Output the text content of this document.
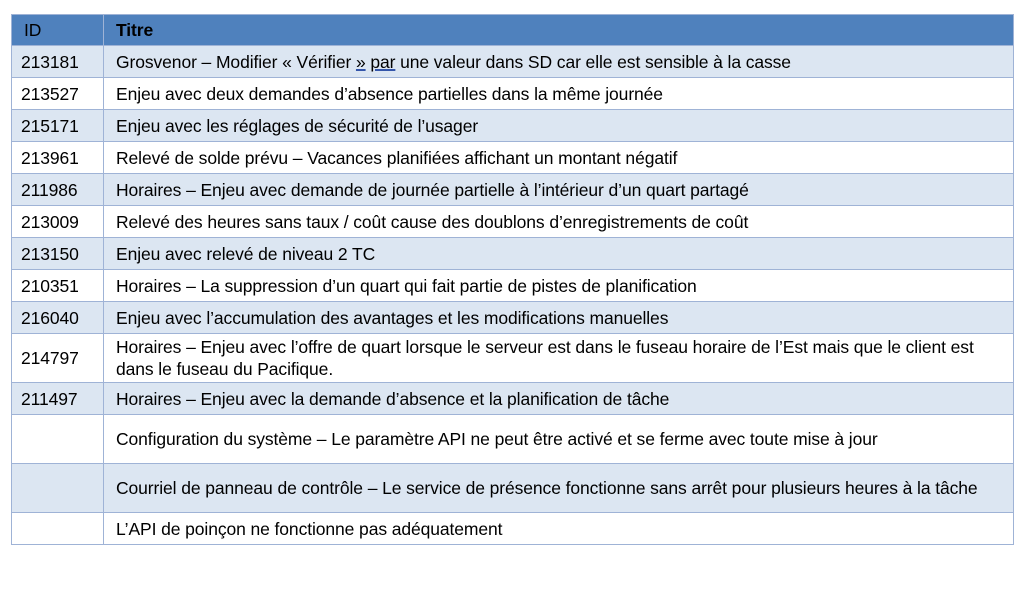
ID	Titre
213181	Grosvenor – Modifier « Vérifier » par une valeur dans SD car elle est sensible à la casse
213527	Enjeu avec deux demandes d’absence partielles dans la même journée
215171	Enjeu avec les réglages de sécurité de l’usager
213961	Relevé de solde prévu – Vacances planifiées affichant un montant négatif
211986	Horaires – Enjeu avec demande de journée partielle à l’intérieur d’un quart partagé
213009	Relevé des heures sans taux / coût cause des doublons d’enregistrements de coût
213150	Enjeu avec relevé de niveau 2 TC
210351	Horaires – La suppression d’un quart qui fait partie de pistes de planification
216040	Enjeu avec l’accumulation des avantages et les modifications manuelles
214797	Horaires – Enjeu avec l’offre de quart lorsque le serveur est dans le fuseau horaire de l’Est mais que le client est dans le fuseau du Pacifique.
211497	Horaires – Enjeu avec la demande d’absence et la planification de tâche
	Configuration du système – Le paramètre API ne peut être activé et se ferme avec toute mise à jour
	Courriel de panneau de contrôle – Le service de présence fonctionne sans arrêt pour plusieurs heures à la tâche
	L’API de poinçon ne fonctionne pas adéquatement
